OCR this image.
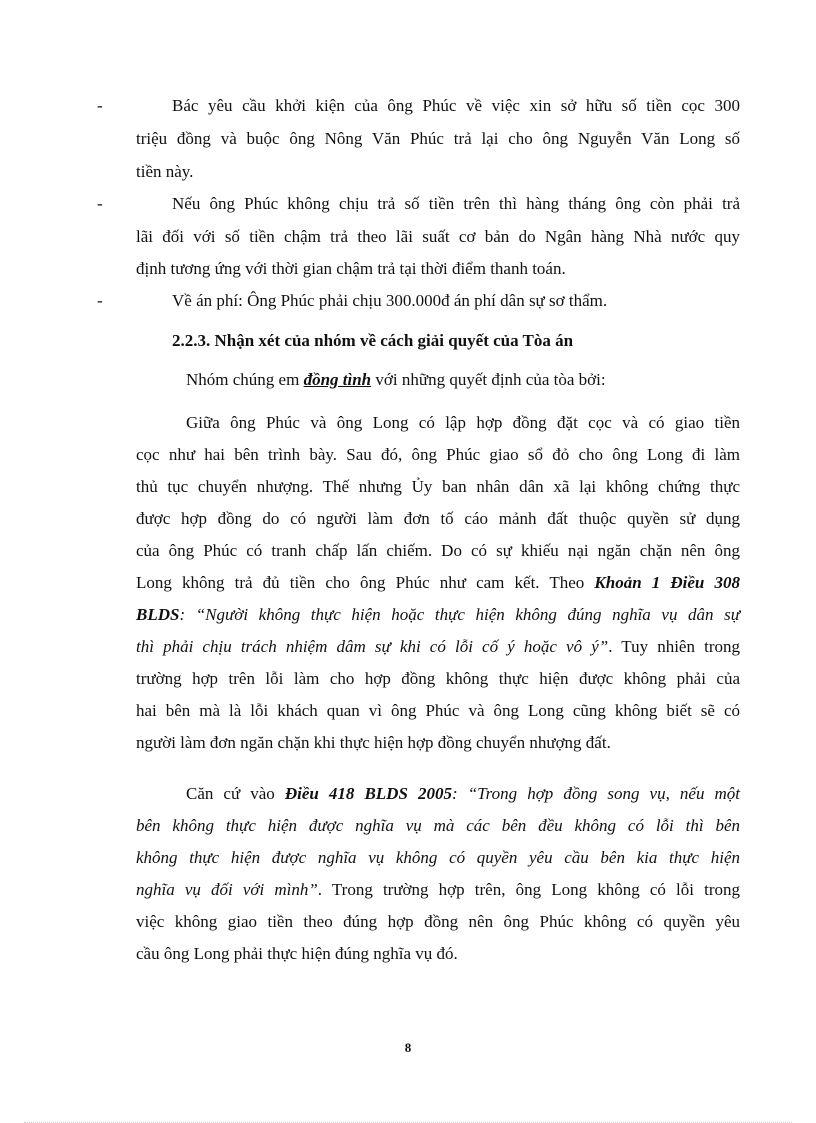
-	Bác yêu cầu khởi kiện của ông Phúc về việc xin sở hữu số tiền cọc 300
triệu đồng và buộc ông Nông Văn Phúc trả lại cho ông Nguyễn Văn Long số
tiền này.
-	Nếu ông Phúc không chịu trả số tiền trên thì hàng tháng ông còn phải trả
lãi đối với số tiền chậm trả theo lãi suất cơ bản do Ngân hàng Nhà nước quy
định tương ứng với thời gian chậm trả tại thời điểm thanh toán.
-	Về án phí: Ông Phúc phải chịu 300.000đ án phí dân sự sơ thẩm.
2.2.3. Nhận xét của nhóm về cách giải quyết của Tòa án
Nhóm chúng em đồng tình với những quyết định của tòa bởi:
Giữa ông Phúc và ông Long có lập hợp đồng đặt cọc và có giao tiền
cọc như hai bên trình bày. Sau đó, ông Phúc giao sổ đỏ cho ông Long đi làm
thủ tục chuyển nhượng. Thế nhưng Ủy ban nhân dân xã lại không chứng thực
được hợp đồng do có người làm đơn tố cáo mảnh đất thuộc quyền sử dụng
của ông Phúc có tranh chấp lấn chiếm. Do có sự khiếu nại ngăn chặn nên ông
Long không trả đủ tiền cho ông Phúc như cam kết. Theo Khoản 1 Điều 308
BLDS: “Người không thực hiện hoặc thực hiện không đúng nghĩa vụ dân sự
thì phải chịu trách nhiệm dâm sự khi có lỗi cố ý hoặc vô ý”. Tuy nhiên trong
trường hợp trên lỗi làm cho hợp đồng không thực hiện được không phải của
hai bên mà là lỗi khách quan vì ông Phúc và ông Long cũng không biết sẽ có
người làm đơn ngăn chặn khi thực hiện hợp đồng chuyển nhượng đất.
Căn cứ vào Điều 418 BLDS 2005: “Trong hợp đồng song vụ, nếu một
bên không thực hiện được nghĩa vụ mà các bên đều không có lỗi thì bên
không thực hiện được nghĩa vụ không có quyền yêu cầu bên kia thực hiện
nghĩa vụ đối với mình”. Trong trường hợp trên, ông Long không có lỗi trong
việc không giao tiền theo đúng hợp đồng nên ông Phúc không có quyền yêu
cầu ông Long phải thực hiện đúng nghĩa vụ đó.
8
